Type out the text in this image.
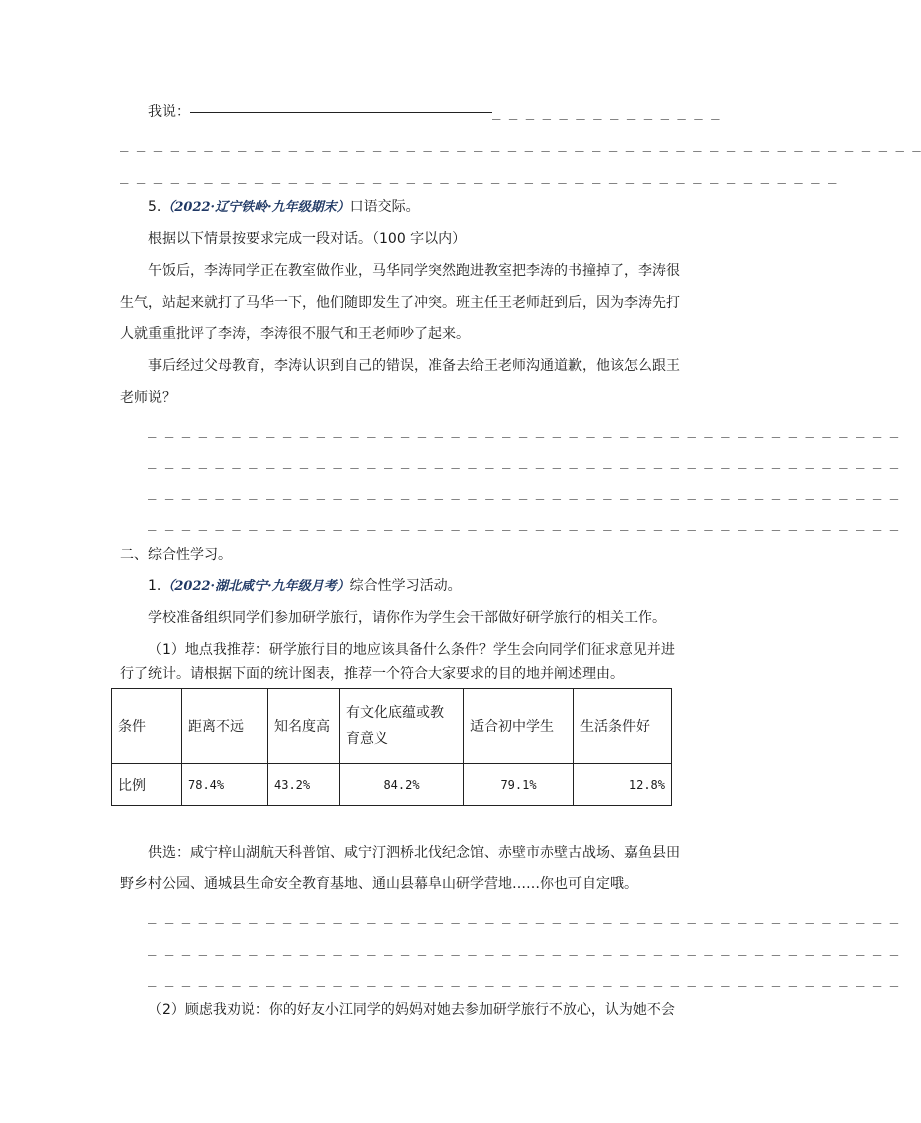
我说：	_ _ _ _ _ _ _ _ _ _ _ _ _ _
_ _ _ _ _ _ _ _ _ _ _ _ _ _ _ _ _ _ _ _ _ _ _ _ _ _ _ _ _ _ _ _ _ _ _ _ _ _ _ _ _ _ _ _ _ _ _ _
_ _ _ _ _ _ _ _ _ _ _ _ _ _ _ _ _ _ _ _ _ _ _ _ _ _ _ _ _ _ _ _ _ _ _ _ _ _ _ _ _ _ _
5.（2022·辽宁铁岭·九年级期末）口语交际。
根据以下情景按要求完成一段对话。（100 字以内）
午饭后，李涛同学正在教室做作业，马华同学突然跑进教室把李涛的书撞掉了，李涛很
生气，站起来就打了马华一下，他们随即发生了冲突。班主任王老师赶到后，因为李涛先打
人就重重批评了李涛，李涛很不服气和王老师吵了起来。
事后经过父母教育，李涛认识到自己的错误，准备去给王老师沟通道歉，他该怎么跟王
老师说？
_ _ _ _ _ _ _ _ _ _ _ _ _ _ _ _ _ _ _ _ _ _ _ _ _ _ _ _ _ _ _ _ _ _ _ _ _ _ _ _ _ _ _ _ _
_ _ _ _ _ _ _ _ _ _ _ _ _ _ _ _ _ _ _ _ _ _ _ _ _ _ _ _ _ _ _ _ _ _ _ _ _ _ _ _ _ _ _ _ _
_ _ _ _ _ _ _ _ _ _ _ _ _ _ _ _ _ _ _ _ _ _ _ _ _ _ _ _ _ _ _ _ _ _ _ _ _ _ _ _ _ _ _ _ _
_ _ _ _ _ _ _ _ _ _ _ _ _ _ _ _ _ _ _ _ _ _ _ _ _ _ _ _ _ _ _ _ _ _ _ _ _ _ _ _ _ _ _ _ _
二、综合性学习。
1.（2022·湖北咸宁·九年级月考）综合性学习活动。
学校准备组织同学们参加研学旅行，请你作为学生会干部做好研学旅行的相关工作。
（1）地点我推荐：研学旅行目的地应该具备什么条件？学生会向同学们征求意见并进
行了统计。请根据下面的统计图表，推荐一个符合大家要求的目的地并阐述理由。
条件	距离不远	知名度高	有文化底蕴或教育意义	适合初中学生	生活条件好
比例	78.4%	43.2%	84.2%	79.1%	12.8%
供选：咸宁梓山湖航天科普馆、咸宁汀泗桥北伐纪念馆、赤壁市赤壁古战场、嘉鱼县田
野乡村公园、通城县生命安全教育基地、通山县幕阜山研学营地……你也可自定哦。
_ _ _ _ _ _ _ _ _ _ _ _ _ _ _ _ _ _ _ _ _ _ _ _ _ _ _ _ _ _ _ _ _ _ _ _ _ _ _ _ _ _ _ _ _
_ _ _ _ _ _ _ _ _ _ _ _ _ _ _ _ _ _ _ _ _ _ _ _ _ _ _ _ _ _ _ _ _ _ _ _ _ _ _ _ _ _ _ _ _
_ _ _ _ _ _ _ _ _ _ _ _ _ _ _ _ _ _ _ _ _ _ _ _ _ _ _ _ _ _ _ _ _ _ _ _ _ _ _ _ _ _ _ _ _
（2）顾虑我劝说：你的好友小江同学的妈妈对她去参加研学旅行不放心，认为她不会
